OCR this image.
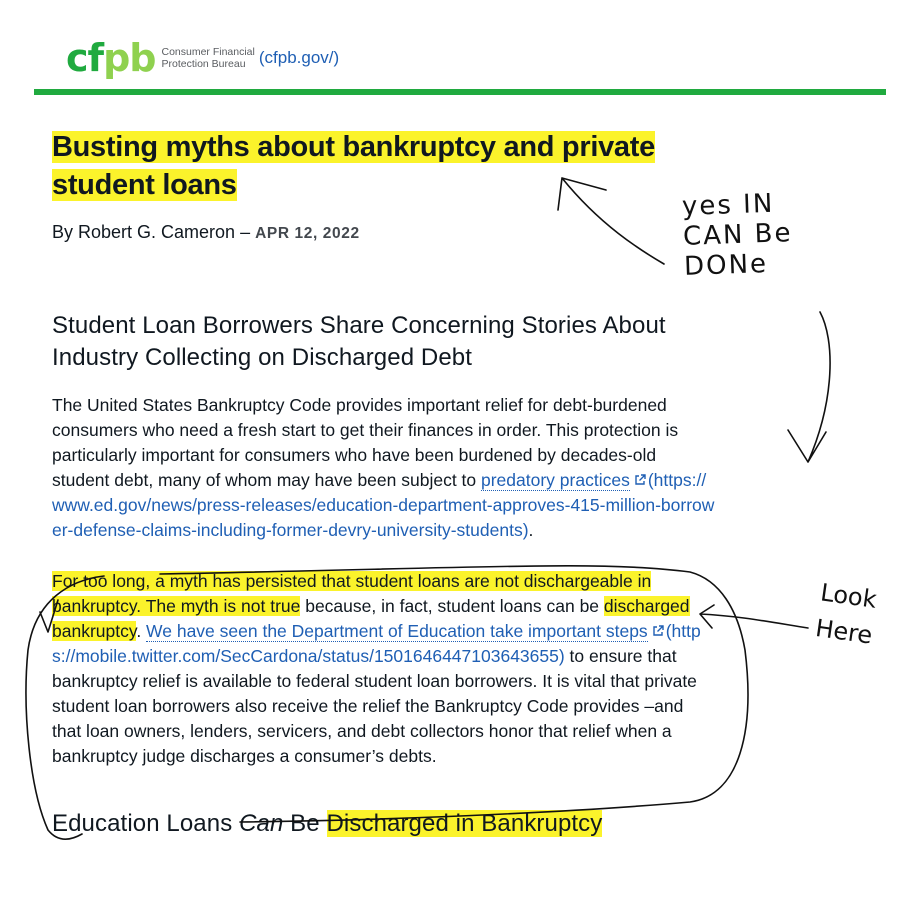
cfpb Consumer Financial
Protection Bureau (cfpb.gov/)
Busting myths about bankruptcy and private student loans
By Robert G. Cameron – APR 12, 2022
Student Loan Borrowers Share Concerning Stories About Industry Collecting on Discharged Debt

The United States Bankruptcy Code provides important relief for debt-burdened consumers who need a fresh start to get their finances in order. This protection is particularly important for consumers who have been burdened by decades-old student debt, many of whom may have been subject to predatory practices (https://www.ed.gov/news/press-releases/education-department-approves-415-million-borrower-defense-claims-including-former-devry-university-students).

For too long, a myth has persisted that student loans are not dischargeable in bankruptcy. The myth is not true because, in fact, student loans can be discharged bankruptcy. We have seen the Department of Education take important steps (https://mobile.twitter.com/SecCardona/status/1501646447103643655) to ensure that bankruptcy relief is available to federal student loan borrowers. It is vital that private student loan borrowers also receive the relief the Bankruptcy Code provides –and that loan owners, lenders, servicers, and debt collectors honor that relief when a bankruptcy judge discharges a consumer’s debts.

Education Loans Can Be Discharged in Bankruptcy
yes IN
CAN Be
DONe
Look
Here
